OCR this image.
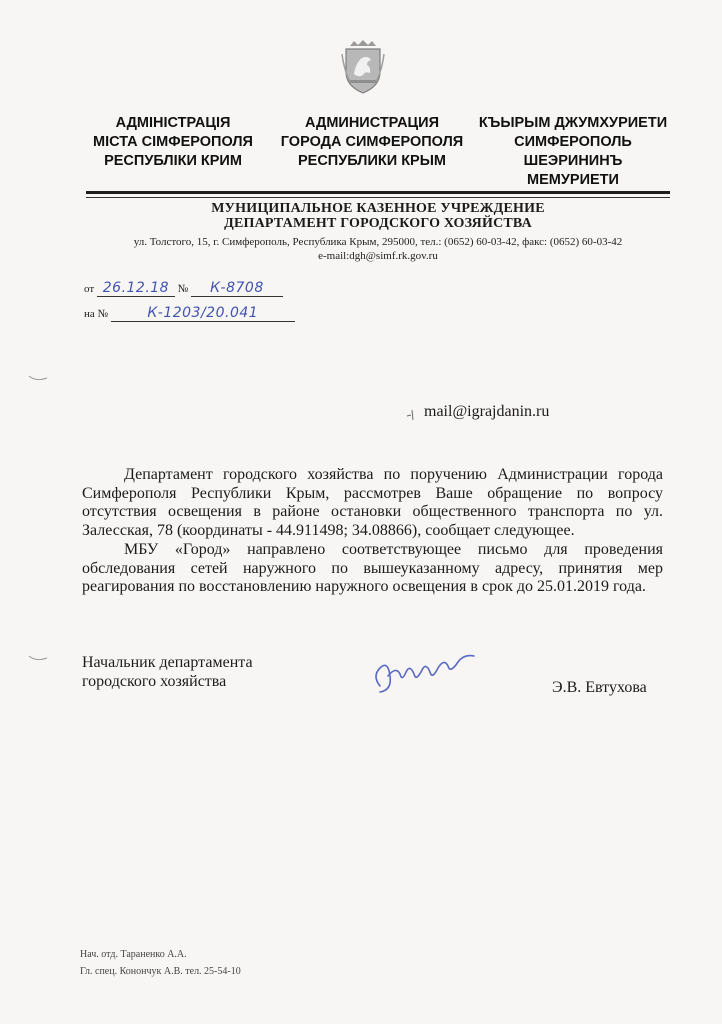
АДМІНІСТРАЦІЯ
МІСТА СІМФЕРОПОЛЯ
РЕСПУБЛІКИ КРИМ
АДМИНИСТРАЦИЯ
ГОРОДА СИМФЕРОПОЛЯ
РЕСПУБЛИКИ КРЫМ
КЪЫРЫМ ДЖУМХУРИЕТИ
СИМФЕРОПОЛЬ
ШЕЭРИНИНЪ
МЕМУРИЕТИ
МУНИЦИПАЛЬНОЕ КАЗЕННОЕ УЧРЕЖДЕНИЕ
ДЕПАРТАМЕНТ ГОРОДСКОГО ХОЗЯЙСТВА
ул. Толстого, 15, г. Симферополь, Республика Крым, 295000, тел.: (0652) 60-03-42, факс: (0652) 60-03-42
e-mail:dgh@simf.rk.gov.ru
от 26.12.18 № К-8708
на №	К-1203/20.041
mail@igrajdanin.ru
Департамент городского хозяйства по поручению Администрации города Симферополя Республики Крым, рассмотрев Ваше обращение по вопросу отсутствия освещения в районе остановки общественного транспорта по ул. Залесская, 78 (координаты - 44.911498; 34.08866), сообщает следующее.
МБУ «Город» направлено соответствующее письмо для проведения обследования сетей наружного по вышеуказанному адресу, принятия мер реагирования по восстановлению наружного освещения в срок до 25.01.2019 года.
Начальник департамента
городского хозяйства	Э.В. Евтухова
Нач. отд. Тараненко А.А.
Гл. спец. Конончук А.В. тел. 25-54-10
